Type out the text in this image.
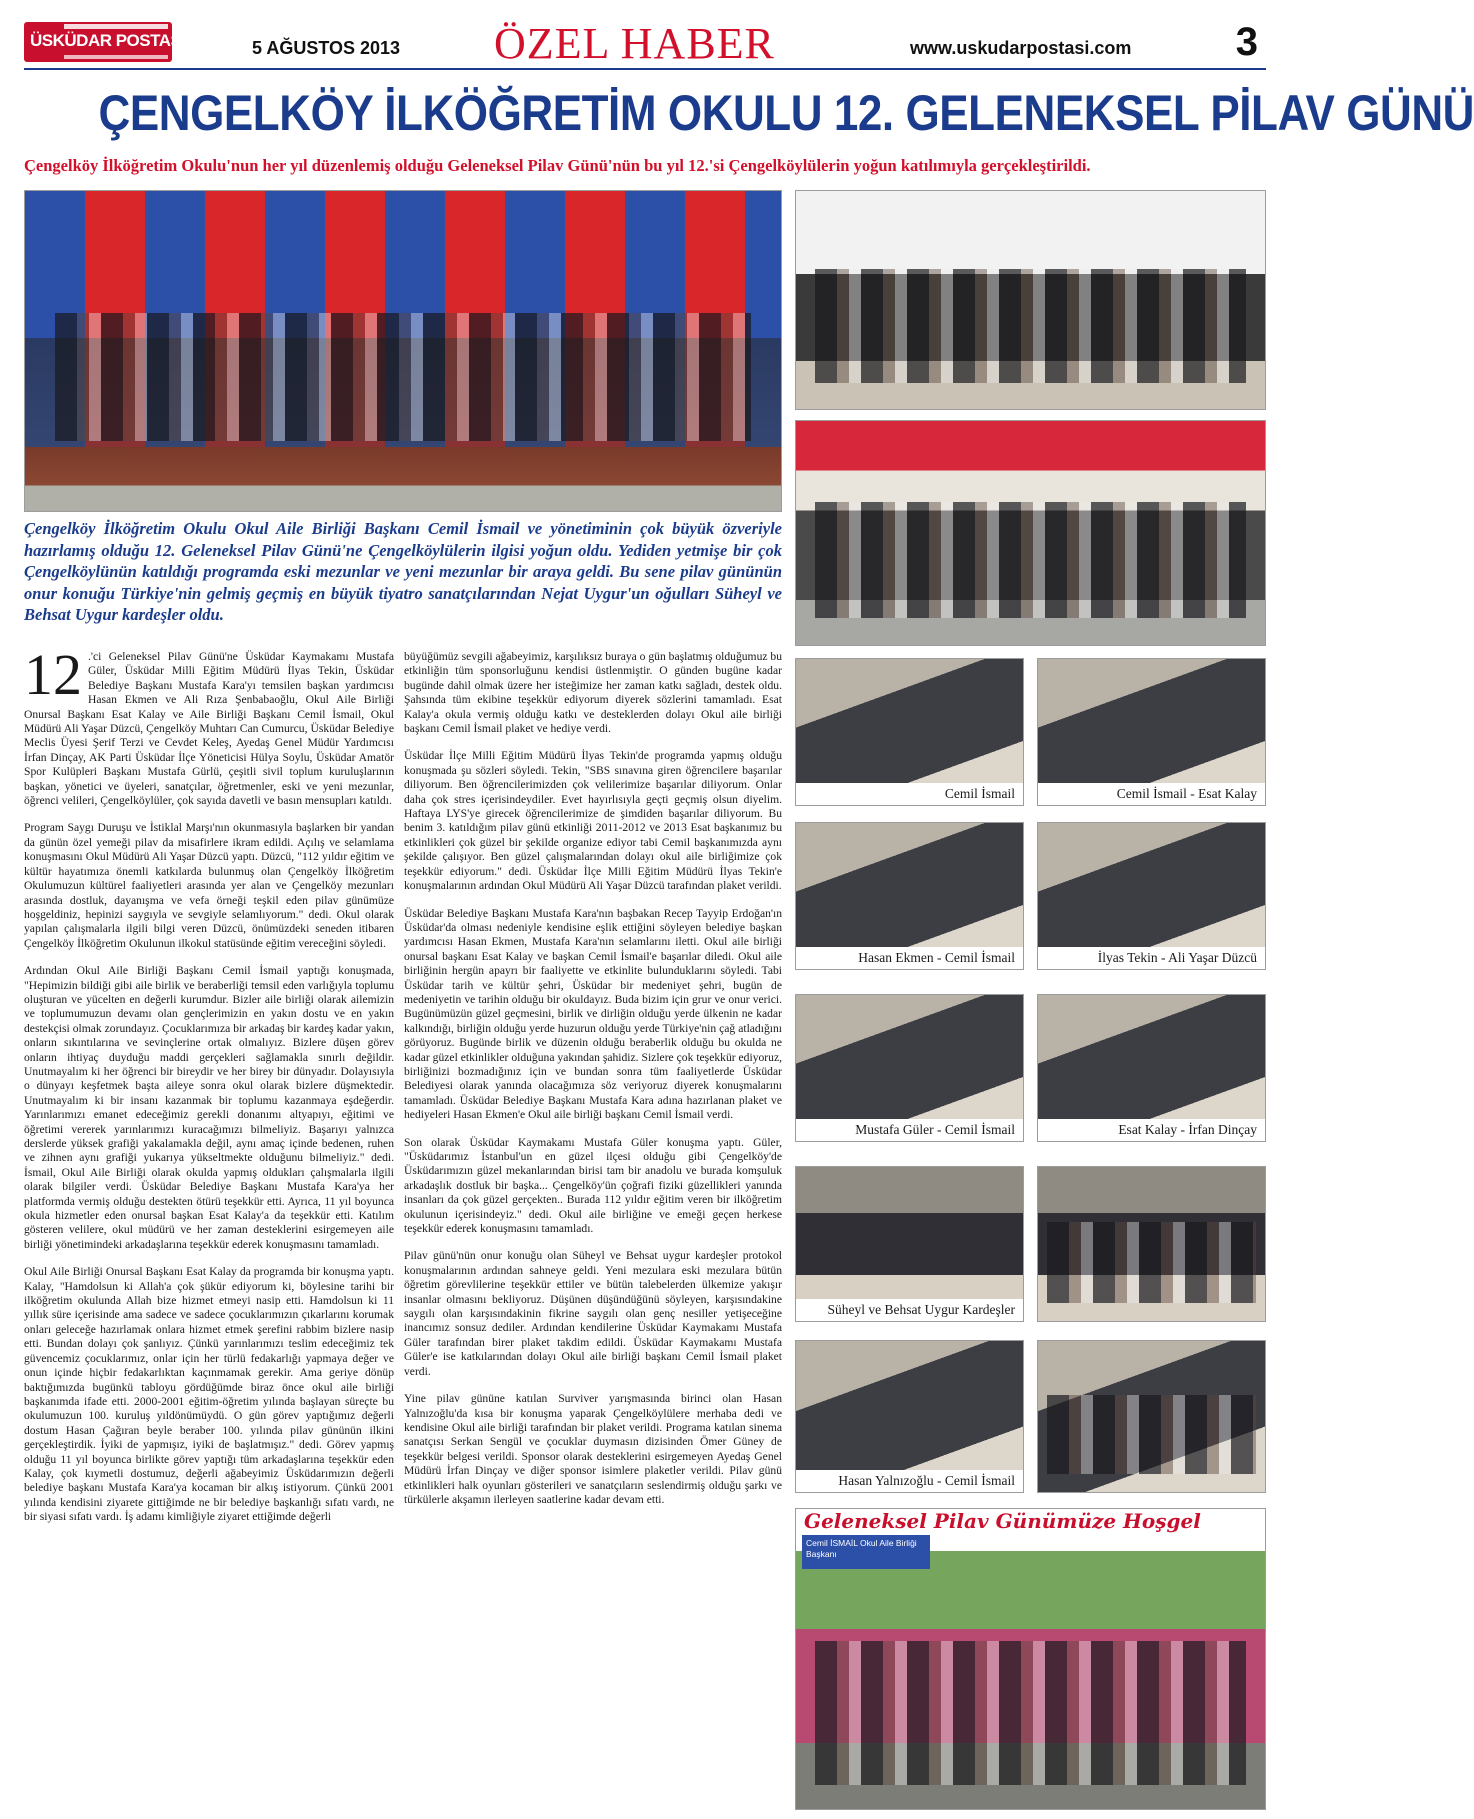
ÜSKÜDAR POSTASI	5 AĞUSTOS 2013 ÖZEL HABER	www.uskudarpostasi.com	3
ÇENGELKÖY İLKÖĞRETİM OKULU 12. GELENEKSEL PİLAV GÜNÜ
Çengelköy İlköğretim Okulu'nun her yıl düzenlemiş olduğu Geleneksel Pilav Günü'nün bu yıl 12.'si Çengelköylülerin yoğun katılımıyla gerçekleştirildi.
Çengelköy İlköğretim Okulu Okul Aile Birliği Başkanı Cemil İsmail ve yönetiminin çok büyük özveriyle hazırlamış olduğu 12. Geleneksel Pilav Günü'ne Çengelköylülerin ilgisi yoğun oldu. Yediden yetmişe bir çok Çengelköylünün katıldığı programda eski mezunlar ve yeni mezunlar bir araya geldi. Bu sene pilav gününün onur konuğu Türkiye'nin gelmiş geçmiş en büyük tiyatro sanatçılarından Nejat Uygur'un oğulları Süheyl ve Behsat Uygur kardeşler oldu.

12 .'ci Geleneksel Pilav Günü'ne Üsküdar Kaymakamı Mustafa Güler, Üsküdar Milli Eğitim Müdürü İlyas Tekin, Üsküdar Belediye Başkanı Mustafa Kara'yı temsilen başkan yardımcısı Hasan Ekmen ve Ali Rıza Şenbabaoğlu, Okul Aile Birliği Onursal Başkanı Esat Kalay ve Aile Birliği Başkanı Cemil İsmail, Okul Müdürü Ali Yaşar Düzcü, Çengelköy Muhtarı Can Cumurcu, Üsküdar Belediye Meclis Üyesi Şerif Terzi ve Cevdet Keleş, Ayedaş Genel Müdür Yardımcısı İrfan Dinçay, AK Parti Üsküdar İlçe Yöneticisi Hülya Soylu, Üsküdar Amatör Spor Kulüpleri Başkanı Mustafa Gürlü, çeşitli sivil toplum kuruluşlarının başkan, yönetici ve üyeleri, sanatçılar, öğretmenler, eski ve yeni mezunlar, öğrenci velileri, Çengelköylüler, çok sayıda davetli ve basın mensupları katıldı.

Program Saygı Duruşu ve İstiklal Marşı'nın okunmasıyla başlarken bir yandan da günün özel yemeği pilav da misafirlere ikram edildi. Açılış ve selamlama konuşmasını Okul Müdürü Ali Yaşar Düzcü yaptı. Düzcü, "112 yıldır eğitim ve kültür hayatımıza önemli katkılarda bulunmuş olan Çengelköy İlköğretim Okulumuzun kültürel faaliyetleri arasında yer alan ve Çengelköy mezunları arasında dostluk, dayanışma ve vefa örneği teşkil eden pilav günümüze hoşgeldiniz, hepinizi saygıyla ve sevgiyle selamlıyorum." dedi. Okul olarak yapılan çalışmalarla ilgili bilgi veren Düzcü, önümüzdeki seneden itibaren Çengelköy İlköğretim Okulunun ilkokul statüsünde eğitim vereceğini söyledi.

Ardından Okul Aile Birliği Başkanı Cemil İsmail yaptığı konuşmada, "Hepimizin bildiği gibi aile birlik ve beraberliği temsil eden varlığıyla toplumu oluşturan ve yücelten en değerli kurumdur. Bizler aile birliği olarak ailemizin ve toplumumuzun devamı olan gençlerimizin en yakın dostu ve en yakın destekçisi olmak zorundayız. Çocuklarımıza bir arkadaş bir kardeş kadar yakın, onların sıkıntılarına ve sevinçlerine ortak olmalıyız. Bizlere düşen görev onların ihtiyaç duyduğu maddi gerçekleri sağlamakla sınırlı değildir. Unutmayalım ki her öğrenci bir bireydir ve her birey bir dünyadır. Dolayısıyla o dünyayı keşfetmek başta aileye sonra okul olarak bizlere düşmektedir. Unutmayalım ki bir insanı kazanmak bir toplumu kazanmaya eşdeğerdir. Yarınlarımızı emanet edeceğimiz gerekli donanımı altyapıyı, eğitimi ve öğretimi vererek yarınlarımızı kuracağımızı bilmeliyiz. Başarıyı yalnızca derslerde yüksek grafiği yakalamakla değil, aynı amaç içinde bedenen, ruhen ve zihnen aynı grafiği yukarıya yükseltmekte olduğunu bilmeliyiz." dedi. İsmail, Okul Aile Birliği olarak okulda yapmış oldukları çalışmalarla ilgili olarak bilgiler verdi. Üsküdar Belediye Başkanı Mustafa Kara'ya her platformda vermiş olduğu destekten ötürü teşekkür etti. Ayrıca, 11 yıl boyunca okula hizmetler eden onursal başkan Esat Kalay'a da teşekkür etti. Katılım gösteren velilere, okul müdürü ve her zaman desteklerini esirgemeyen aile birliği yönetimindeki arkadaşlarına teşekkür ederek konuşmasını tamamladı.

Okul Aile Birliği Onursal Başkanı Esat Kalay da programda bir konuşma yaptı. Kalay, "Hamdolsun ki Allah'a çok şükür ediyorum ki, böylesine tarihi bir ilköğretim okulunda Allah bize hizmet etmeyi nasip etti. Hamdolsun ki 11 yıllık süre içerisinde ama sadece ve sadece çocuklarımızın çıkarlarını korumak onları geleceğe hazırlamak onlara hizmet etmek şerefini rabbim bizlere nasip etti. Bundan dolayı çok şanlıyız. Çünkü yarınlarımızı teslim edeceğimiz tek güvencemiz çocuklarımız, onlar için her türlü fedakarlığı yapmaya değer ve onun içinde hiçbir fedakarlıktan kaçınmamak gerekir. Ama geriye dönüp baktığımızda bugünkü tabloyu gördüğümde biraz önce okul aile birliği başkanımda ifade etti. 2000-2001 eğitim-öğretim yılında başlayan süreçte bu okulumuzun 100. kuruluş yıldönümüydü. O gün görev yaptığımız değerli dostum Hasan Çağıran beyle beraber 100. yılında pilav gününün ilkini gerçekleştirdik. İyiki de yapmışız, iyiki de başlatmışız." dedi. Görev yapmış olduğu 11 yıl boyunca birlikte görev yaptığı tüm arkadaşlarına teşekkür eden Kalay, çok kıymetli dostumuz, değerli ağabeyimiz Üsküdarımızın değerli belediye başkanı Mustafa Kara'ya kocaman bir alkış istiyorum. Çünkü 2001 yılında kendisini ziyarete gittiğimde ne bir belediye başkanlığı sıfatı vardı, ne bir siyasi sıfatı vardı. İş adamı kimliğiyle ziyaret ettiğimde değerli

büyüğümüz sevgili ağabeyimiz, karşılıksız buraya o gün başlatmış olduğumuz bu etkinliğin tüm sponsorluğunu kendisi üstlenmiştir. O günden bugüne kadar bugünde dahil olmak üzere her isteğimize her zaman katkı sağladı, destek oldu. Şahsında tüm ekibine teşekkür ediyorum diyerek sözlerini tamamladı. Esat Kalay'a okula vermiş olduğu katkı ve desteklerden dolayı Okul aile birliği başkanı Cemil İsmail plaket ve hediye verdi.

Üsküdar İlçe Milli Eğitim Müdürü İlyas Tekin'de programda yapmış olduğu konuşmada şu sözleri söyledi. Tekin, "SBS sınavına giren öğrencilere başarılar diliyorum. Ben öğrencilerimizden çok velilerimize başarılar diliyorum. Onlar daha çok stres içerisindeydiler. Evet hayırlısıyla geçti geçmiş olsun diyelim. Haftaya LYS'ye girecek öğrencilerimize de şimdiden başarılar diliyorum. Bu benim 3. katıldığım pilav günü etkinliği 2011-2012 ve 2013 Esat başkanımız bu etkinlikleri çok güzel bir şekilde organize ediyor tabi Cemil başkanımızda aynı şekilde çalışıyor. Ben güzel çalışmalarından dolayı okul aile birliğimize çok teşekkür ediyorum." dedi. Üsküdar İlçe Milli Eğitim Müdürü İlyas Tekin'e konuşmalarının ardından Okul Müdürü Ali Yaşar Düzcü tarafından plaket verildi.

Üsküdar Belediye Başkanı Mustafa Kara'nın başbakan Recep Tayyip Erdoğan'ın Üsküdar'da olması nedeniyle kendisine eşlik ettiğini söyleyen belediye başkan yardımcısı Hasan Ekmen, Mustafa Kara'nın selamlarını iletti. Okul aile birliği onursal başkanı Esat Kalay ve başkan Cemil İsmail'e başarılar diledi. Okul aile birliğinin hergün apayrı bir faaliyette ve etkinlite bulunduklarını söyledi. Tabi Üsküdar tarih ve kültür şehri, Üsküdar bir medeniyet şehri, bugün de medeniyetin ve tarihin olduğu bir okuldayız. Buda bizim için grur ve onur verici. Bugünümüzün güzel geçmesini, birlik ve dirliğin olduğu yerde ülkenin ne kadar kalkındığı, birliğin olduğu yerde huzurun olduğu yerde Türkiye'nin çağ atladığını görüyoruz. Bugünde birlik ve düzenin olduğu beraberlik olduğu bu okulda ne kadar güzel etkinlikler olduğuna yakından şahidiz. Sizlere çok teşekkür ediyoruz, birliğinizi bozmadığınız için ve bundan sonra tüm faaliyetlerde Üsküdar Belediyesi olarak yanında olacağımıza söz veriyoruz diyerek konuşmalarını tamamladı. Üsküdar Belediye Başkanı Mustafa Kara adına hazırlanan plaket ve hediyeleri Hasan Ekmen'e Okul aile birliği başkanı Cemil İsmail verdi.

Son olarak Üsküdar Kaymakamı Mustafa Güler konuşma yaptı. Güler, "Üsküdarımız İstanbul'un en güzel ilçesi olduğu gibi Çengelköy'de Üsküdarımızın güzel mekanlarından birisi tam bir anadolu ve burada komşuluk arkadaşlık dostluk bir başka... Çengelköy'ün çoğrafi fiziki güzellikleri yanında insanları da çok güzel gerçekten.. Burada 112 yıldır eğitim veren bir ilköğretim okulunun içerisindeyiz." dedi. Okul aile birliğine ve emeği geçen herkese teşekkür ederek konuşmasını tamamladı.

Pilav günü'nün onur konuğu olan Süheyl ve Behsat uygur kardeşler protokol konuşmalarının ardından sahneye geldi. Yeni mezulara eski mezulara bütün öğretim görevlilerine teşekkür ettiler ve bütün talebelerden ülkemize yakışır insanlar olmasını bekliyoruz. Düşünen düşündüğünü söyleyen, karşısındakine saygılı olan karşısındakinin fikrine saygılı olan genç nesiller yetişeceğine inancımız sonsuz dediler. Ardından kendilerine Üsküdar Kaymakamı Mustafa Güler tarafından birer plaket takdim edildi. Üsküdar Kaymakamı Mustafa Güler'e ise katkılarından dolayı Okul aile birliği başkanı Cemil İsmail plaket verdi.

Yine pilav gününe katılan Surviver yarışmasında birinci olan Hasan Yalnızoğlu'da kısa bir konuşma yaparak Çengelköylülere merhaba dedi ve kendisine Okul aile birliği tarafından bir plaket verildi. Programa katılan sinema sanatçısı Serkan Sengül ve çocuklar duymasın dizisinden Ömer Güney de teşekkür belgesi verildi. Sponsor olarak desteklerini esirgemeyen Ayedaş Genel Müdürü İrfan Dinçay ve diğer sponsor isimlere plaketler verildi. Pilav günü etkinlikleri halk oyunları gösterileri ve sanatçıların seslendirmiş olduğu şarkı ve türkülerle akşamın ilerleyen saatlerine kadar devam etti.

Cemil İsmail	Cemil İsmail - Esat Kalay
Hasan Ekmen - Cemil İsmail	İlyas Tekin - Ali Yaşar Düzcü
Mustafa Güler - Cemil İsmail	Esat Kalay - İrfan Dinçay
Süheyl ve Behsat Uygur Kardeşler
Hasan Yalnızoğlu - Cemil İsmail
Geleneksel Pilav Günümüze Hoşgel
Cemil İSMAİL Okul Aile Birliği Başkanı
